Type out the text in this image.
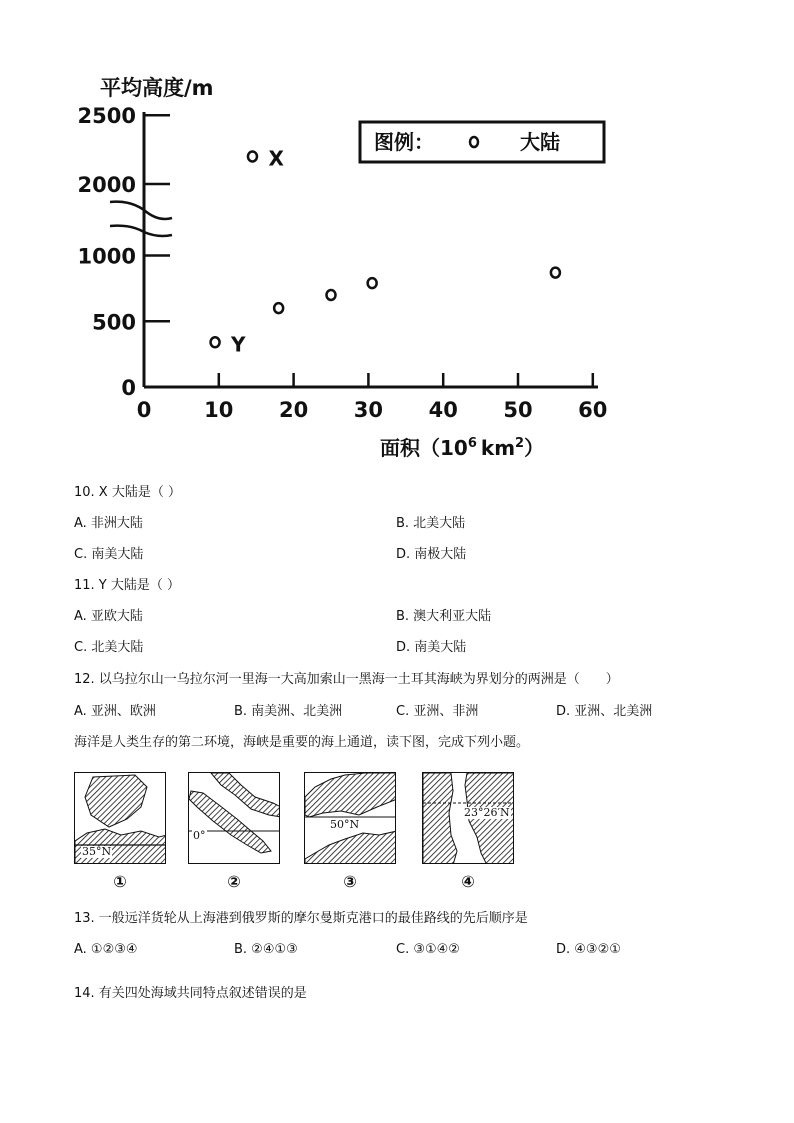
0
500
1000
2000
2500
0	10 20 30 40 50 60
平均高度/m
面积（$10^6$ $km^2$）
图例：	大陆
Y
X
10. X 大陆是（ ）
A. 非洲大陆	B. 北美大陆
C. 南美大陆	D. 南极大陆
11. Y 大陆是（ ）
A. 亚欧大陆	B. 澳大利亚大陆
C. 北美大陆	D. 南美大陆
12. 以乌拉尔山一乌拉尔河一里海一大高加索山一黑海一土耳其海峡为界划分的两洲是（　　）
A. 亚洲、欧洲	B. 南美洲、北美洲	C. 亚洲、非洲	D. 亚洲、北美洲
海洋是人类生存的第二环境，海峡是重要的海上通道，读下图，完成下列小题。
35°N
0°
50°N
23°26′N
①	②	③	④
13. 一般远洋货轮从上海港到俄罗斯的摩尔曼斯克港口的最佳路线的先后顺序是
A. ①②③④	B. ②④①③	C. ③①④②	D. ④③②①
14. 有关四处海域共同特点叙述错误的是
